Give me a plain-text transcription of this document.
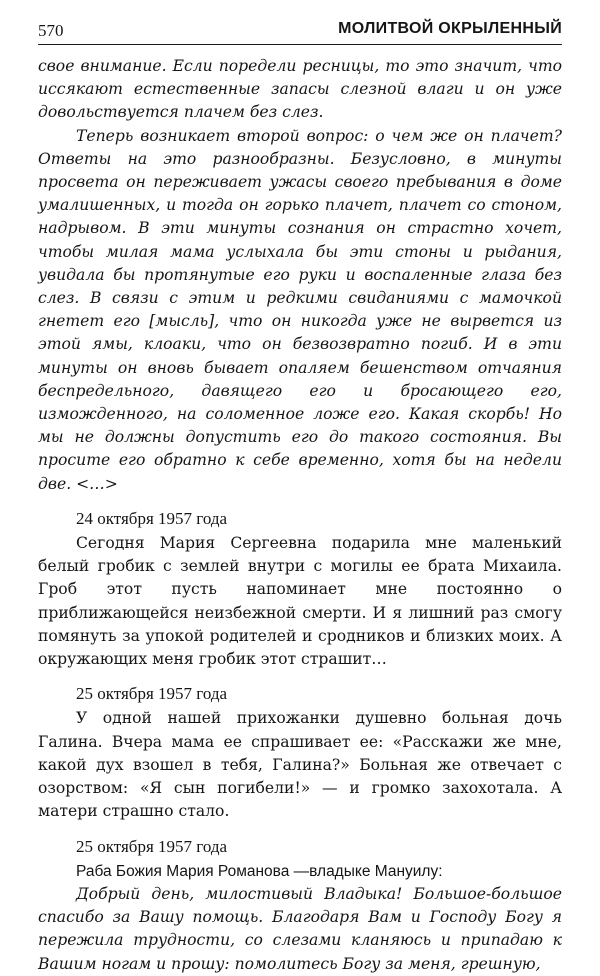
570	МОЛИТВОЙ ОКРЫЛЕННЫЙ

свое внимание. Если поредели ресницы, то это значит, что иссякают естественные запасы слезной влаги и он уже довольствуется плачем без слез.

Теперь возникает второй вопрос: о чем же он плачет? Ответы на это разнообразны. Безусловно, в минуты просвета он переживает ужасы своего пребывания в доме умалишенных, и тогда он горько плачет, плачет со стоном, надрывом. В эти минуты сознания он страстно хочет, чтобы милая мама услыхала бы эти стоны и рыдания, увидала бы протянутые его руки и воспаленные глаза без слез. В связи с этим и редкими свиданиями с мамочкой гнетет его [мысль], что он никогда уже не вырвется из этой ямы, клоаки, что он безвозвратно погиб. И в эти минуты он вновь бывает опаляем бешенством отчаяния беспредельного, давящего его и бросающего его, изможденного, на соломенное ложе его. Какая скорбь! Но мы не должны допустить его до такого состояния. Вы просите его обратно к себе временно, хотя бы на недели две. <…>

24 октября 1957 года

Сегодня Мария Сергеевна подарила мне маленький белый гробик с землей внутри с могилы ее брата Михаила. Гроб этот пусть напоминает мне постоянно о приближающейся неизбежной смерти. И я лишний раз смогу помянуть за упокой родителей и сродников и близких моих. А окружающих меня гробик этот страшит…

25 октября 1957 года

У одной нашей прихожанки душевно больная дочь Галина. Вчера мама ее спрашивает ее: «Расскажи же мне, какой дух взошел в тебя, Галина?» Больная же отвечает с озорством: «Я сын погибели!» — и громко захохотала. А матери страшно стало.

25 октября 1957 года

Раба Божия Мария Романова —владыке Мануилу:

Добрый день, милостивый Владыка! Большое-большое спасибо за Вашу помощь. Благодаря Вам и Господу Богу я пережила трудности, со слезами кланяюсь и припадаю к Вашим ногам и прошу: помолитесь Богу за меня, грешную,
